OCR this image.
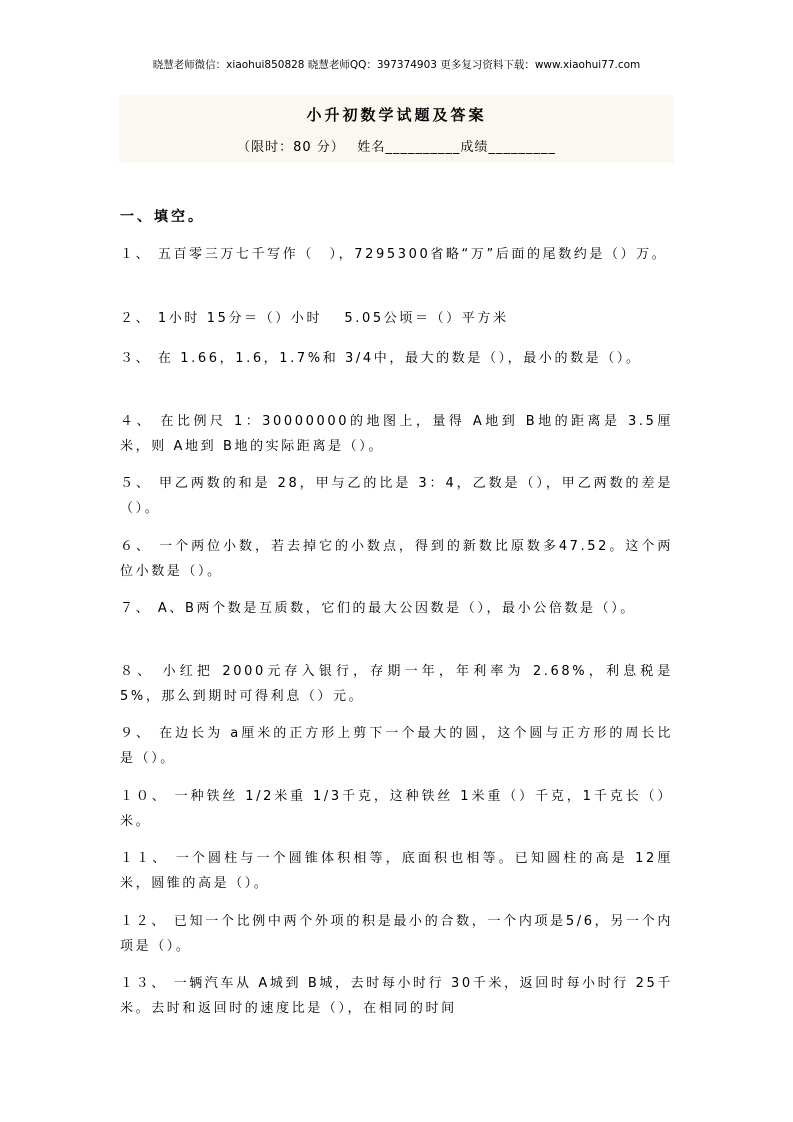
晓慧老师微信：xiaohui850828 晓慧老师QQ：397374903 更多复习资料下载：www.xiaohui77.com
小升初数学试题及答案
（限时：80 分）　 姓名__________成绩_________
一、填空。
１、 五百零三万七千写作（　），7295300省略“万”后面的尾数约是（）万。
２、 1小时 15分＝（）小时　 5.05公顷＝（）平方米
３、 在 1.66，1.6，1.7%和 3/4中，最大的数是（），最小的数是（）。
４、 在比例尺 1：30000000的地图上，量得 A地到 B地的距离是 3.5厘米，则 A地到 B地的实际距离是（）。
５、 甲乙两数的和是 28，甲与乙的比是 3：4，乙数是（），甲乙两数的差是（）。
６、 一个两位小数，若去掉它的小数点，得到的新数比原数多47.52。这个两位小数是（）。
７、 A、B两个数是互质数，它们的最大公因数是（），最小公倍数是（）。
８、 小红把 2000元存入银行，存期一年，年利率为 2.68%，利息税是 5%，那么到期时可得利息（）元。
９、 在边长为 a厘米的正方形上剪下一个最大的圆，这个圆与正方形的周长比是（）。
１０、 一种铁丝 1/2米重 1/3千克，这种铁丝 1米重（）千克，1千克长（）米。
１１、 一个圆柱与一个圆锥体积相等，底面积也相等。已知圆柱的高是 12厘米，圆锥的高是（）。
１２、 已知一个比例中两个外项的积是最小的合数，一个内项是5/6，另一个内项是（）。
１３、 一辆汽车从 A城到 B城，去时每小时行 30千米，返回时每小时行 25千米。去时和返回时的速度比是（），在相同的时间
